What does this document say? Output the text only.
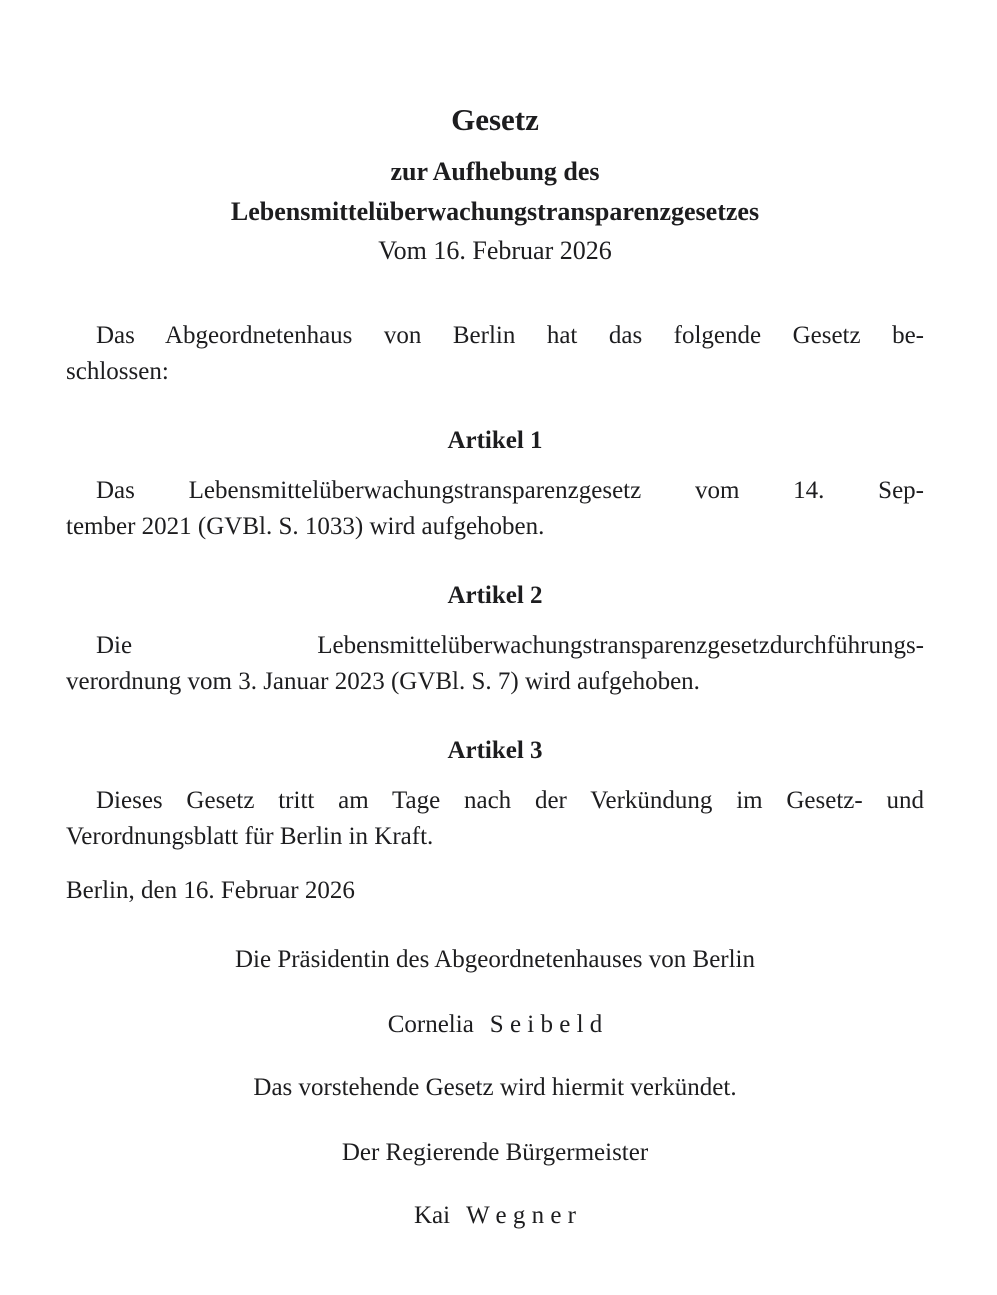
Gesetz
zur Aufhebung des
Lebensmittelüberwachungstransparenzgesetzes

Vom 16. Februar 2026

Das Abgeordnetenhaus von Berlin hat das folgende Gesetz be-
schlossen:

Artikel 1

Das Lebensmittelüberwachungstransparenzgesetz vom 14. Sep-
tember 2021 (GVBl. S. 1033) wird aufgehoben.

Artikel 2

Die Lebensmittelüberwachungstransparenzgesetzdurchführungs-
verordnung vom 3. Januar 2023 (GVBl. S. 7) wird aufgehoben.

Artikel 3

Dieses Gesetz tritt am Tage nach der Verkündung im Gesetz- und
Verordnungsblatt für Berlin in Kraft.

Berlin, den 16. Februar 2026

Die Präsidentin des Abgeordnetenhauses von Berlin

Cornelia S e i b e l d

Das vorstehende Gesetz wird hiermit verkündet.

Der Regierende Bürgermeister

Kai W e g n e r
